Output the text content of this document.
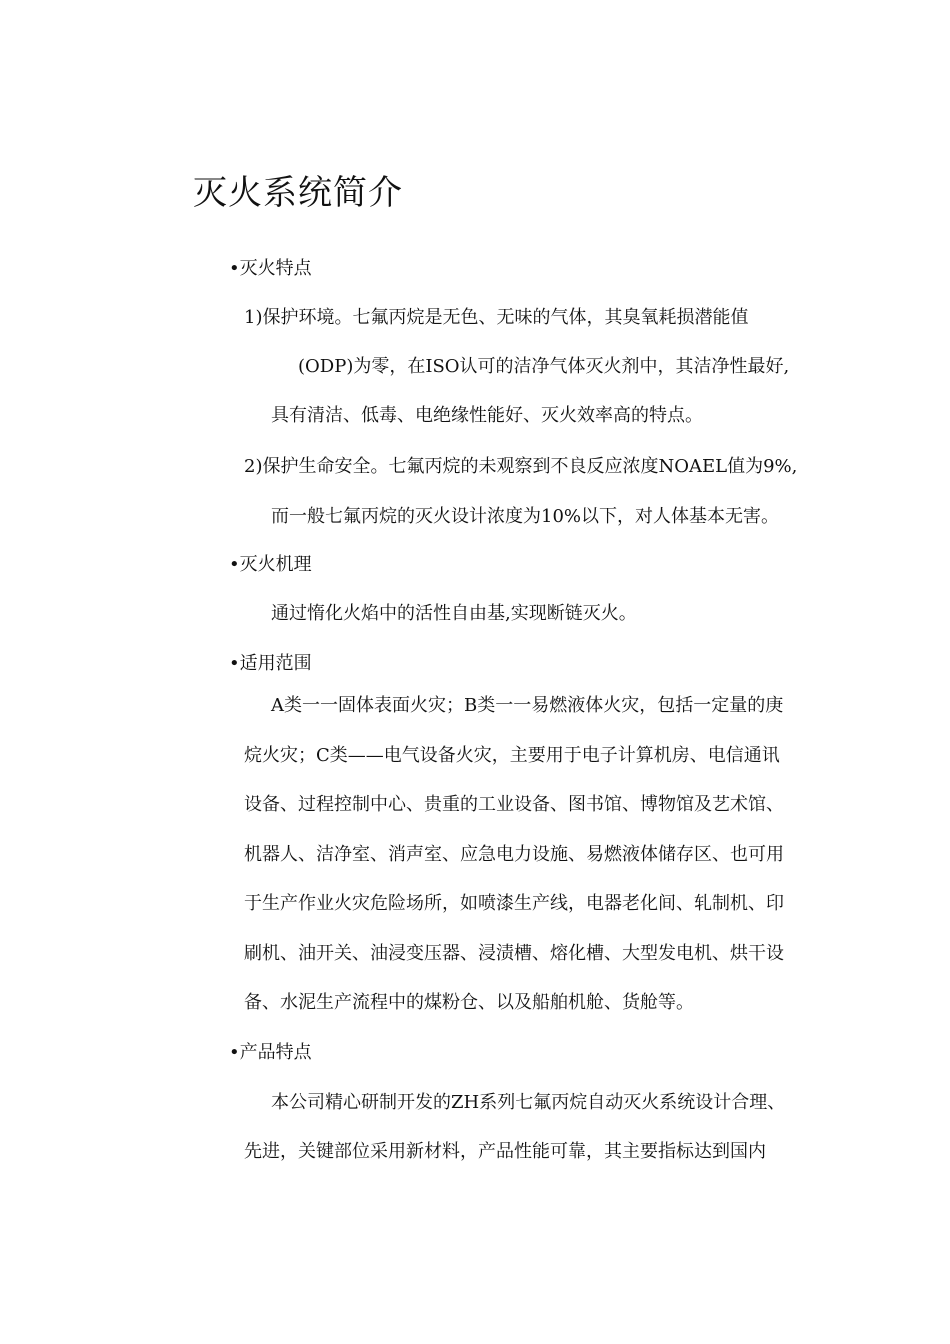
灭火系统简介
•灭火特点
1)保护环境。七氟丙烷是无色、无味的气体，其臭氧耗损潜能值
(ODP)为零，在ISO认可的洁净气体灭火剂中，其洁净性最好,
具有清洁、低毒、电绝缘性能好、灭火效率高的特点。
2)保护生命安全。七氟丙烷的未观察到不良反应浓度NOAEL值为9%,
而一般七氟丙烷的灭火设计浓度为10%以下，对人体基本无害。
•灭火机理
通过惰化火焰中的活性自由基,实现断链灭火。
•适用范围
A类一一固体表面火灾；B类一一易燃液体火灾，包括一定量的庚
烷火灾；C类——电气设备火灾，主要用于电子计算机房、电信通讯
设备、过程控制中心、贵重的工业设备、图书馆、博物馆及艺术馆、
机器人、洁净室、消声室、应急电力设施、易燃液体储存区、也可用
于生产作业火灾危险场所，如喷漆生产线，电器老化间、轧制机、印
刷机、油开关、油浸变压器、浸渍槽、熔化槽、大型发电机、烘干设
备、水泥生产流程中的煤粉仓、以及船舶机舱、货舱等。
•产品特点
本公司精心研制开发的ZH系列七氟丙烷自动灭火系统设计合理、
先进，关键部位采用新材料，产品性能可靠，其主要指标达到国内
